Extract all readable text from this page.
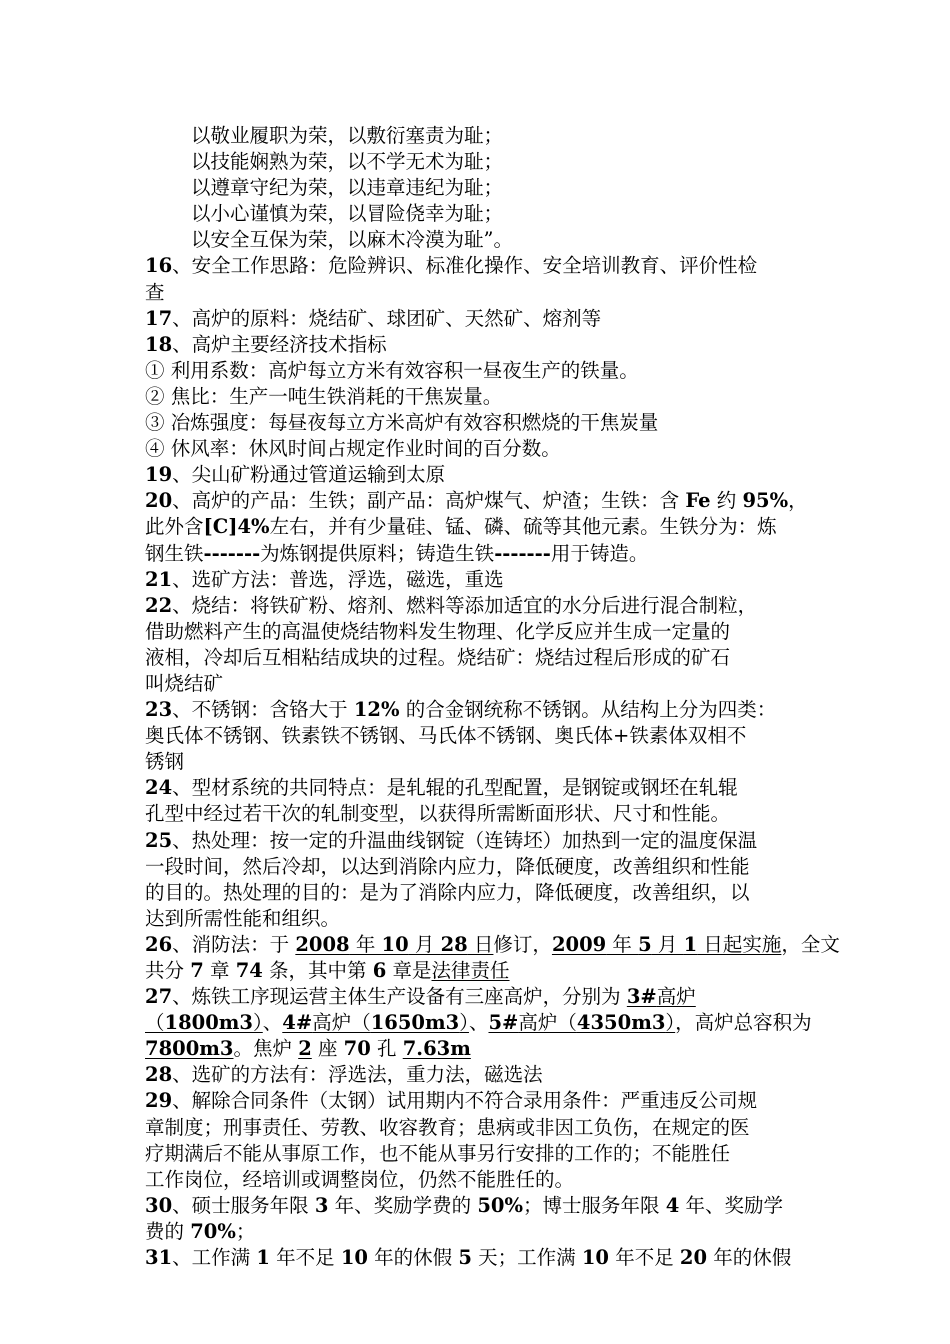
以敬业履职为荣，以敷衍塞责为耻；
以技能娴熟为荣，以不学无术为耻；
以遵章守纪为荣，以违章违纪为耻；
以小心谨慎为荣，以冒险侥幸为耻；
以安全互保为荣，以麻木冷漠为耻”。
16、安全工作思路：危险辨识、标准化操作、安全培训教育、评价性检
查
17、高炉的原料：烧结矿、球团矿、天然矿、熔剂等
18、高炉主要经济技术指标
① 利用系数：高炉每立方米有效容积一昼夜生产的铁量。
② 焦比：生产一吨生铁消耗的干焦炭量。
③ 冶炼强度：每昼夜每立方米高炉有效容积燃烧的干焦炭量
④ 休风率：休风时间占规定作业时间的百分数。
19、尖山矿粉通过管道运输到太原
20、高炉的产品：生铁；副产品：高炉煤气、炉渣；生铁：含 Fe 约 95%，
此外含[C]4%左右，并有少量硅、锰、磷、硫等其他元素。生铁分为：炼
钢生铁-------为炼钢提供原料；铸造生铁-------用于铸造。
21、选矿方法：普选，浮选，磁选，重选
22、烧结：将铁矿粉、熔剂、燃料等添加适宜的水分后进行混合制粒，
借助燃料产生的高温使烧结物料发生物理、化学反应并生成一定量的
液相，冷却后互相粘结成块的过程。烧结矿：烧结过程后形成的矿石
叫烧结矿
23、不锈钢：含铬大于 12% 的合金钢统称不锈钢。从结构上分为四类：
奥氏体不锈钢、铁素铁不锈钢、马氏体不锈钢、奥氏体+铁素体双相不
锈钢
24、型材系统的共同特点：是轧辊的孔型配置，是钢锭或钢坯在轧辊
孔型中经过若干次的轧制变型，以获得所需断面形状、尺寸和性能。
25、热处理：按一定的升温曲线钢锭（连铸坯）加热到一定的温度保温
一段时间，然后冷却，以达到消除内应力，降低硬度，改善组织和性能
的目的。热处理的目的：是为了消除内应力，降低硬度，改善组织，以
达到所需性能和组织。
26、消防法：于 2008 年 10 月 28 日修订，2009 年 5 月 1 日起实施，全文
共分 7 章 74 条，其中第 6 章是法律责任
27、炼铁工序现运营主体生产设备有三座高炉，分别为 3#高炉
（1800m3）、4#高炉（1650m3）、5#高炉（4350m3），高炉总容积为
7800m3。焦炉 2 座 70 孔 7.63m
28、选矿的方法有：浮选法，重力法，磁选法
29、解除合同条件（太钢）试用期内不符合录用条件：严重违反公司规
章制度；刑事责任、劳教、收容教育；患病或非因工负伤，在规定的医
疗期满后不能从事原工作，也不能从事另行安排的工作的；不能胜任
工作岗位，经培训或调整岗位，仍然不能胜任的。
30、硕士服务年限 3 年、奖励学费的 50%；博士服务年限 4 年、奖励学
费的 70%；
31、工作满 1 年不足 10 年的休假 5 天；工作满 10 年不足 20 年的休假
